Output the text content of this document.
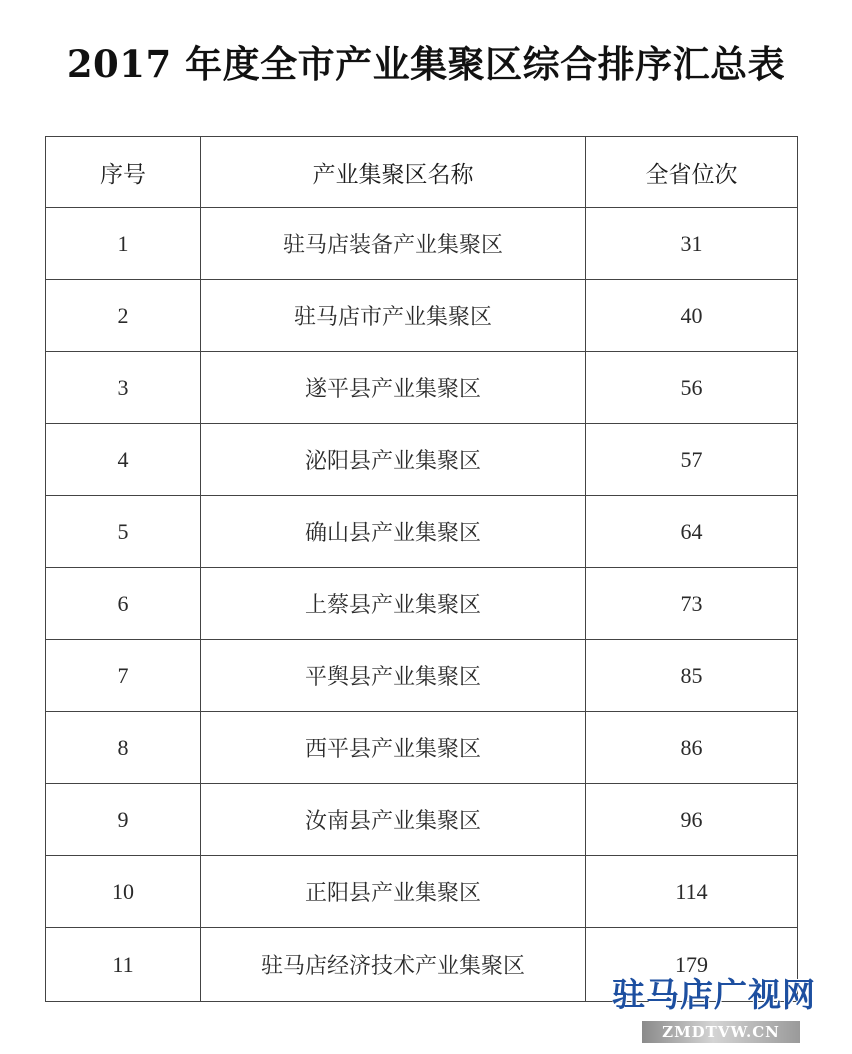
2017 年度全市产业集聚区综合排序汇总表
序号	产业集聚区名称	全省位次
1	驻马店装备产业集聚区	31
2	驻马店市产业集聚区	40
3	遂平县产业集聚区	56
4	泌阳县产业集聚区	57
5	确山县产业集聚区	64
6	上蔡县产业集聚区	73
7	平舆县产业集聚区	85
8	西平县产业集聚区	86
9	汝南县产业集聚区	96
10	正阳县产业集聚区	114
11	驻马店经济技术产业集聚区	179
驻马店广视网
ZMDTVW.CN
